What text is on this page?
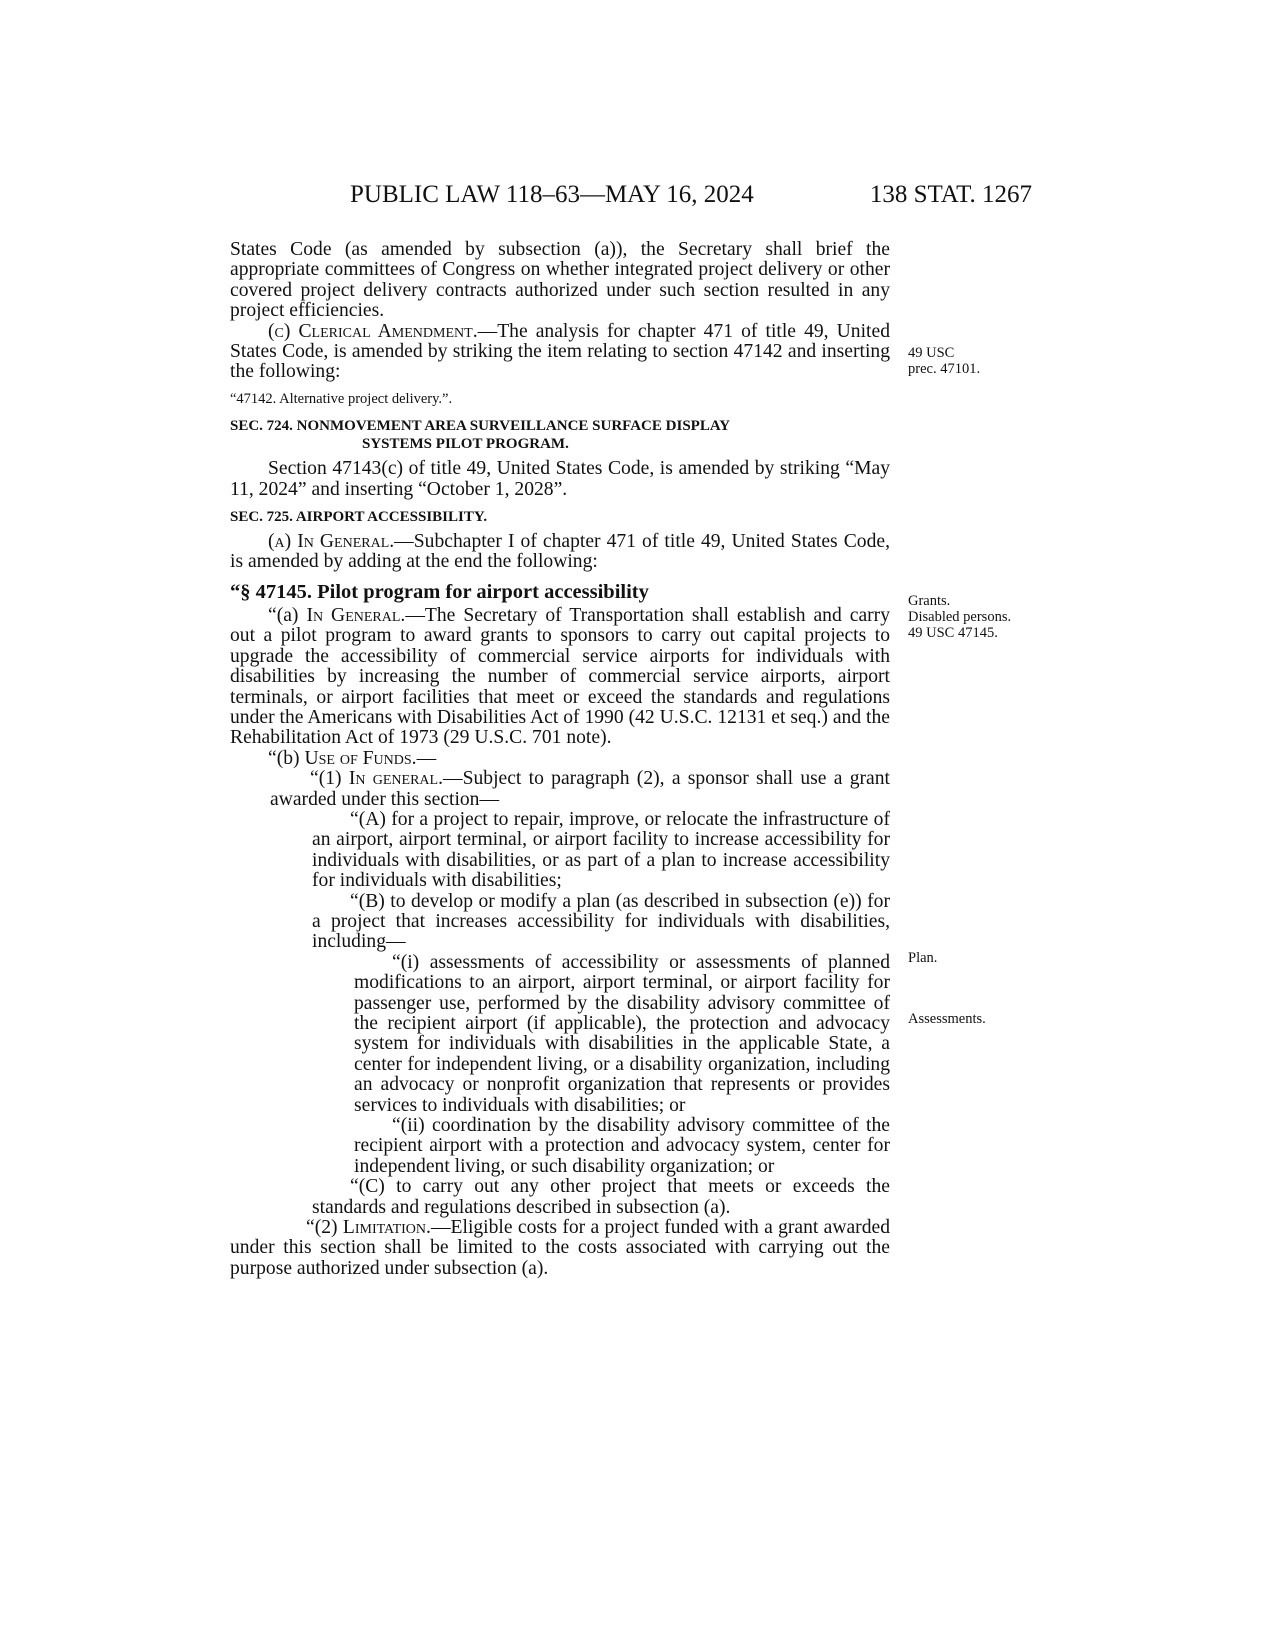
PUBLIC LAW 118–63—MAY 16, 2024	138 STAT. 1267

States Code (as amended by subsection (a)), the Secretary shall brief the appropriate committees of Congress on whether integrated project delivery or other covered project delivery contracts authorized under such section resulted in any project efficiencies.

(c) Clerical Amendment.—The analysis for chapter 471 of title 49, United States Code, is amended by striking the item relating to section 47142 and inserting the following:

“47142. Alternative project delivery.”.

SEC. 724. NONMOVEMENT AREA SURVEILLANCE SURFACE DISPLAY
SYSTEMS PILOT PROGRAM.

Section 47143(c) of title 49, United States Code, is amended by striking “May 11, 2024” and inserting “October 1, 2028”.

SEC. 725. AIRPORT ACCESSIBILITY.

(a) In General.—Subchapter I of chapter 471 of title 49, United States Code, is amended by adding at the end the following:

“§ 47145. Pilot program for airport accessibility

“(a) In General.—The Secretary of Transportation shall establish and carry out a pilot program to award grants to sponsors to carry out capital projects to upgrade the accessibility of commercial service airports for individuals with disabilities by increasing the number of commercial service airports, airport terminals, or airport facilities that meet or exceed the standards and regulations under the Americans with Disabilities Act of 1990 (42 U.S.C. 12131 et seq.) and the Rehabilitation Act of 1973 (29 U.S.C. 701 note).

“(b) Use of Funds.—

“(1) In general.—Subject to paragraph (2), a sponsor shall use a grant awarded under this section—

“(A) for a project to repair, improve, or relocate the infrastructure of an airport, airport terminal, or airport facility to increase accessibility for individuals with disabilities, or as part of a plan to increase accessibility for individuals with disabilities;

“(B) to develop or modify a plan (as described in subsection (e)) for a project that increases accessibility for individuals with disabilities, including—

“(i) assessments of accessibility or assessments of planned modifications to an airport, airport terminal, or airport facility for passenger use, performed by the disability advisory committee of the recipient airport (if applicable), the protection and advocacy system for individuals with disabilities in the applicable State, a center for independent living, or a disability organization, including an advocacy or nonprofit organization that represents or provides services to individuals with disabilities; or

“(ii) coordination by the disability advisory committee of the recipient airport with a protection and advocacy system, center for independent living, or such disability organization; or

“(C) to carry out any other project that meets or exceeds the standards and regulations described in subsection (a).

“(2) Limitation.—Eligible costs for a project funded with a grant awarded under this section shall be limited to the costs associated with carrying out the purpose authorized under subsection (a).

49 USC
prec. 47101.
Grants.
Disabled persons.
49 USC 47145.
Plan.
Assessments.
